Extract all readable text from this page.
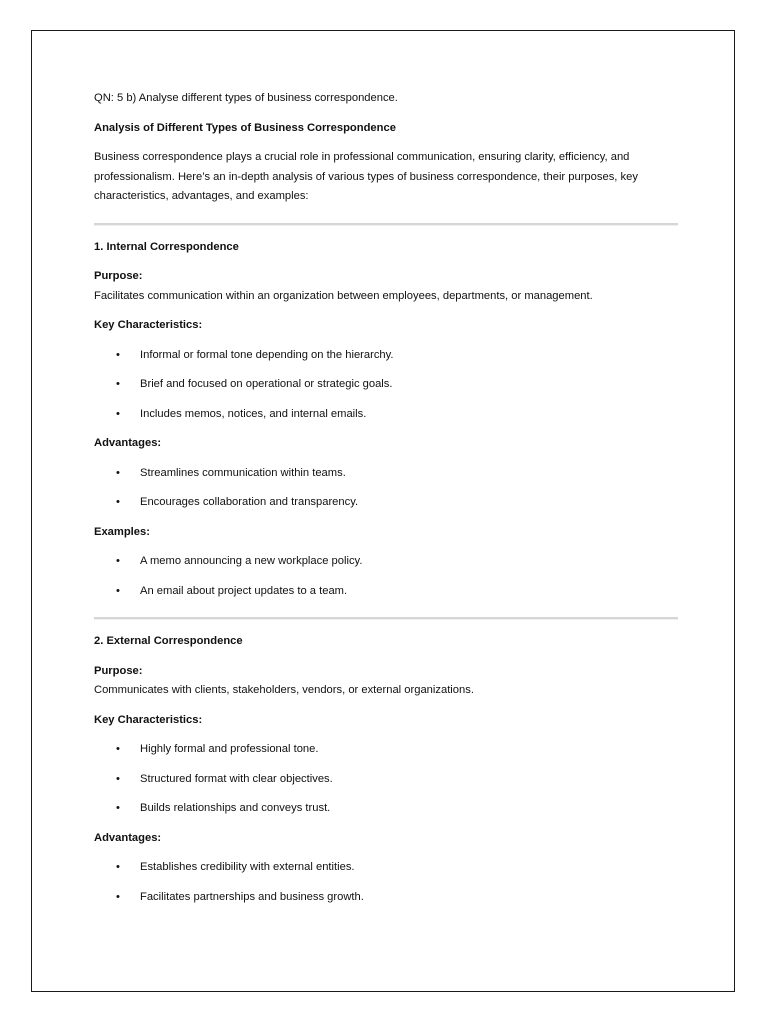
QN: 5 b) Analyse different types of business correspondence.

Analysis of Different Types of Business Correspondence

Business correspondence plays a crucial role in professional communication, ensuring clarity, efficiency, and professionalism. Here’s an in-depth analysis of various types of business correspondence, their purposes, key characteristics, advantages, and examples:

1. Internal Correspondence

Purpose:

Facilitates communication within an organization between employees, departments, or management.

Key Characteristics:

• Informal or formal tone depending on the hierarchy.
• Brief and focused on operational or strategic goals.
• Includes memos, notices, and internal emails.

Advantages:

• Streamlines communication within teams.
• Encourages collaboration and transparency.

Examples:

• A memo announcing a new workplace policy.
• An email about project updates to a team.

2. External Correspondence

Purpose:

Communicates with clients, stakeholders, vendors, or external organizations.

Key Characteristics:

• Highly formal and professional tone.
• Structured format with clear objectives.
• Builds relationships and conveys trust.

Advantages:

• Establishes credibility with external entities.
• Facilitates partnerships and business growth.
